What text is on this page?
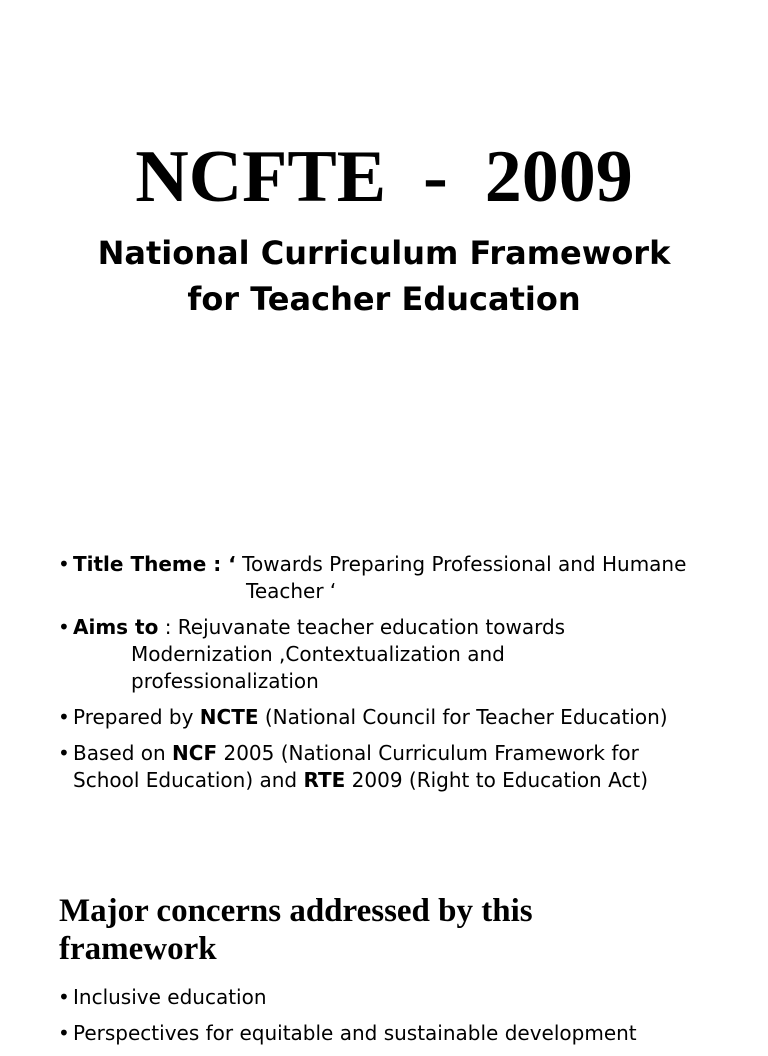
NCFTE  -  2009
National Curriculum Framework
for Teacher Education
• Title Theme : ‘ Towards Preparing Professional and Humane
Teacher ‘
• Aims to : Rejuvanate teacher education towards
Modernization ,Contextualization and
professionalization
• Prepared by NCTE (National Council for Teacher Education)
• Based on NCF 2005 (National Curriculum Framework for
School Education) and RTE 2009 (Right to Education Act)
Major concerns addressed by this
framework
• Inclusive education
• Perspectives for equitable and sustainable development
